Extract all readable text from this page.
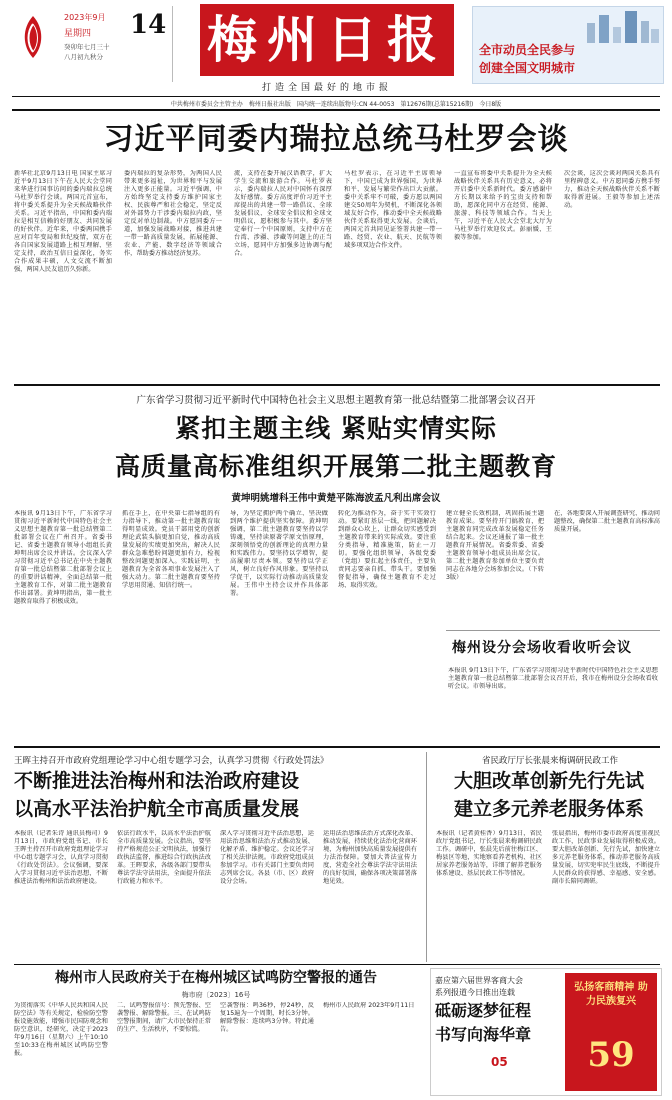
2023年9月
星期四 14
癸卯年七月三十
八月初九秋分 梅州日报
打造全国最好的地市报
全市动员全民参与
创建全国文明城市
中共梅州市委员会主管主办　梅州日报社出版　国内统一连续出版物号:CN 44-0053　第12676期(总第15216期)　今日8版
习近平同委内瑞拉总统马杜罗会谈
新华社北京9月13日电 国家主席习近平9月13日下午在人民大会堂同来华进行国事访问的委内瑞拉总统马杜罗举行会谈。两国元首宣布，将中委关系提升为全天候战略伙伴关系。习近平指出，中国和委内瑞拉是相互信赖的好朋友、共同发展的好伙伴。近年来，中委两国携手应对百年变局和世纪疫情，双方在各自国家发展道路上相互理解、坚定支持，政治互信日益深化，务实合作成果丰硕，人文交流不断加强，两国人民友谊历久弥新。
委内瑞拉的复杂形势，为两国人民带来更多福祉，为世界和平与发展注入更多正能量。习近平强调，中方始终坚定支持委方维护国家主权、民族尊严和社会稳定，坚定反对外部势力干涉委内瑞拉内政，坚定反对单边制裁。中方愿同委方一道，加强发展战略对接，推进共建一带一路高质量发展，拓展能源、农业、产能、数字经济等领域合作，帮助委方推动经济复苏。
流，支持在委开展汉语教学，扩大学生交流和旅游合作。马杜罗表示，委内瑞拉人民对中国怀有深厚友好感情。委方高度评价习近平主席提出的共建一带一路倡议、全球发展倡议、全球安全倡议和全球文明倡议，愿积极参与其中。委方坚定奉行一个中国原则，支持中方在台湾、涉疆、涉藏等问题上的正当立场，愿同中方加强多边协调与配合。
马杜罗表示，在习近平主席领导下，中国已成为世界强国，为世界和平、发展与繁荣作出巨大贡献。委中关系牢不可破，委方愿以两国建交50周年为契机，不断深化各领域友好合作，推动委中全天候战略伙伴关系取得更大发展。会谈后，两国元首共同见证签署共建一带一路、经贸、农业、航天、民航等领域多项双边合作文件。
一直宣布将委中关系提升为全天候战略伙伴关系具有历史意义，必将开启委中关系新时代。委方感谢中方长期以来给予的宝贵支持和帮助，愿深化同中方在经贸、能源、旅游、科技等领域合作。当天上午，习近平在人民大会堂北大厅为马杜罗举行欢迎仪式。彭丽媛、王毅等参加。
次会谈，这次会谈对两国关系具有里程碑意义。中方愿同委方携手努力，推动全天候战略伙伴关系不断取得新进展。王毅等参加上述活动。
广东省学习贯彻习近平新时代中国特色社会主义思想主题教育第一批总结暨第二批部署会议召开
紧扣主题主线 紧贴实情实际
高质量高标准组织开展第二批主题教育
黄坤明姚增科王伟中黄楚平陈海波孟凡利出席会议
本报讯 9月13日下午，广东省学习贯彻习近平新时代中国特色社会主义思想主题教育第一批总结暨第二批部署会议在广州召开。省委书记、省委主题教育领导小组组长黄坤明出席会议并讲话。会议深入学习贯彻习近平总书记在中央主题教育第一批总结暨第二批部署会议上的重要讲话精神，全面总结第一批主题教育工作，对第二批主题教育作出部署。黄坤明指出，第一批主题教育取得了积极成效。
抓在手上，在中央第七指导组的有力指导下，推动第一批主题教育取得明显成效。党员干部用党的创新理论武装头脑更加自觉，推动高质量发展的实绩更加突出，解决人民群众急难愁盼问题更加有力，检视整改问题更加深入。实践证明，主题教育为全省各项事业发展注入了强大动力。第二批主题教育要坚持学思用贯通、知信行统一。
导，为坚定拥护两个确立、坚决做到两个维护提供坚实保障。黄坤明强调，第二批主题教育要坚持以学铸魂，坚持读原著学原文悟原理，深刻领悟党的创新理论的真理力量和实践伟力。要坚持以学增智，提高履职尽责本领。要坚持以学正风，树立良好作风形象。要坚持以学促干，以实际行动推动高质量发展。王伟中主持会议并作具体部署。
转化为推动作为，奋于实干实效行动。要紧盯基层一线，把问题解决到群众心坎上，让群众切实感受到主题教育带来的实际成效。要注重分类指导，精准施策，防止一刀切。要强化组织领导，各级党委（党组）要扛起主体责任，主要负责同志要亲自抓、带头干。要加强督促指导，确保主题教育不走过场、取得实效。
建立健全长效机制，巩固拓展主题教育成果。要坚持开门搞教育，把主题教育同完成改革发展稳定任务结合起来。会议还通报了第一批主题教育开展情况。省委常委、省委主题教育领导小组成员出席会议。第二批主题教育参加单位主要负责同志在各地分会场参加会议。（下转3版）
在，各地要深入开展调查研究、推动问题整改，确保第二批主题教育高标准高质量开展。
梅州设分会场收看收听会议
本报讯 9月13日下午，广东省学习贯彻习近平新时代中国特色社会主义思想主题教育第一批总结暨第二批部署会议召开后，我市在梅州设分会场收看收听会议。市领导出席。
王晖主持召开市政府党组理论学习中心组专题学习会，认真学习贯彻《行政处罚法》
不断推进法治梅州和法治政府建设
以高水平法治护航全市高质量发展
本报讯（记者朱诗 通讯员梅司）9月13日，市政府党组书记、市长王晖主持召开市政府党组理论学习中心组专题学习会，认真学习贯彻《行政处罚法》。会议强调，要深入学习贯彻习近平法治思想，不断推进法治梅州和法治政府建设。
依法行政水平，以高水平法治护航全市高质量发展。会议指出，要坚持严格规范公正文明执法，加强行政执法监督，推进综合行政执法改革。王晖要求，各级各部门要带头尊法学法守法用法，全面提升依法行政能力和水平。
深入学习贯彻习近平法治思想，运用法治思维和法治方式推动发展、化解矛盾、维护稳定。会议还学习了相关法律法规。市政府党组成员参加学习。市有关部门主要负责同志列席会议。各县（市、区）政府设分会场。
运用法治思维法治方式深化改革、推动发展，持续优化法治化营商环境，为梅州加快高质量发展提供有力法治保障。要加大普法宣传力度，营造全社会尊法学法守法用法的良好氛围，确保各项决策部署落地见效。
省民政厅厅长张晨来梅调研民政工作
大胆改革创新先行先试
建立多元养老服务体系
本报讯（记者黄桂香）9月13日，省民政厅党组书记、厅长张晨来梅调研民政工作。调研中，张晨先后前往梅江区、梅县区等地，实地察看养老机构、社区居家养老服务站等，详细了解养老服务体系建设、基层民政工作等情况。
张晨指出，梅州市委市政府高度重视民政工作，民政事业发展取得积极成效。要大胆改革创新、先行先试，加快建立多元养老服务体系，推动养老服务高质量发展，切实兜牢民生底线，不断提升人民群众的获得感、幸福感、安全感。副市长陪同调研。
梅州市人民政府关于在梅州城区试鸣防空警报的通告
梅市府〔2023〕16号
为贯彻落实《中华人民共和国人民防空法》等有关规定，检验防空警报设施效能，增强市民国防观念和防空意识，经研究，决定于2023年9月16日（星期六）上午10:10至10:33在梅州城区试鸣防空警报。
二、试鸣警报信号：预先警报、空袭警报、解除警报。三、在试鸣防空警报期间，请广大市民保持正常的生产、生活秩序，不要惊慌。
空袭警报：鸣36秒，停24秒，反复15遍为一个周期，时长3分钟。解除警报：连续鸣3分钟。特此通告。
梅州市人民政府 2023年9月11日
嘉应第六届世界客商大会
系列报道今日推出连载
砥砺逐梦征程
书写向海华章
05
弘扬客商精神 助力民族复兴
59
